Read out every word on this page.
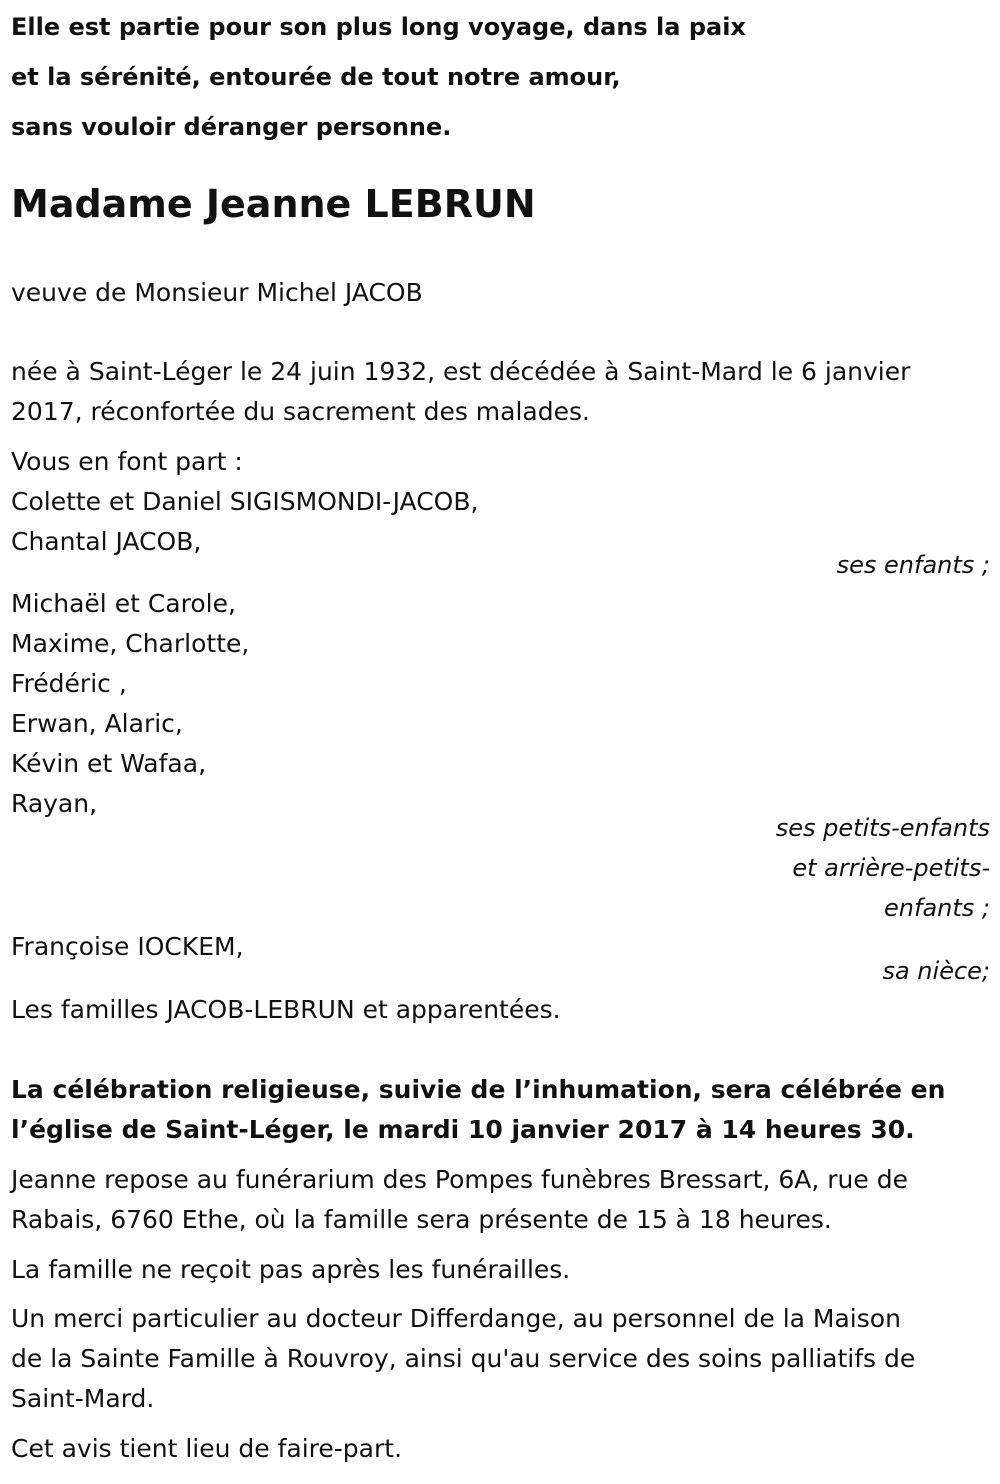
Elle est partie pour son plus long voyage, dans la paix
et la sérénité, entourée de tout notre amour,
sans vouloir déranger personne.
Madame Jeanne LEBRUN
veuve de Monsieur Michel JACOB
née à Saint-Léger le 24 juin 1932, est décédée à Saint-Mard le 6 janvier
2017, réconfortée du sacrement des malades.
Vous en font part :
Colette et Daniel SIGISMONDI-JACOB,
Chantal JACOB,
ses enfants ;
Michaël et Carole,
Maxime, Charlotte,
Frédéric ,
Erwan, Alaric,
Kévin et Wafaa,
Rayan,
ses petits-enfants
et arrière-petits-
enfants ;
Françoise IOCKEM,
sa nièce;
Les familles JACOB-LEBRUN et apparentées.
La célébration religieuse, suivie de l’inhumation, sera célébrée en
l’église de Saint-Léger, le mardi 10 janvier 2017 à 14 heures 30.
Jeanne repose au funérarium des Pompes funèbres Bressart, 6A, rue de
Rabais, 6760 Ethe, où la famille sera présente de 15 à 18 heures.
La famille ne reçoit pas après les funérailles.
Un merci particulier au docteur Differdange, au personnel de la Maison
de la Sainte Famille à Rouvroy, ainsi qu'au service des soins palliatifs de
Saint-Mard.
Cet avis tient lieu de faire-part.
